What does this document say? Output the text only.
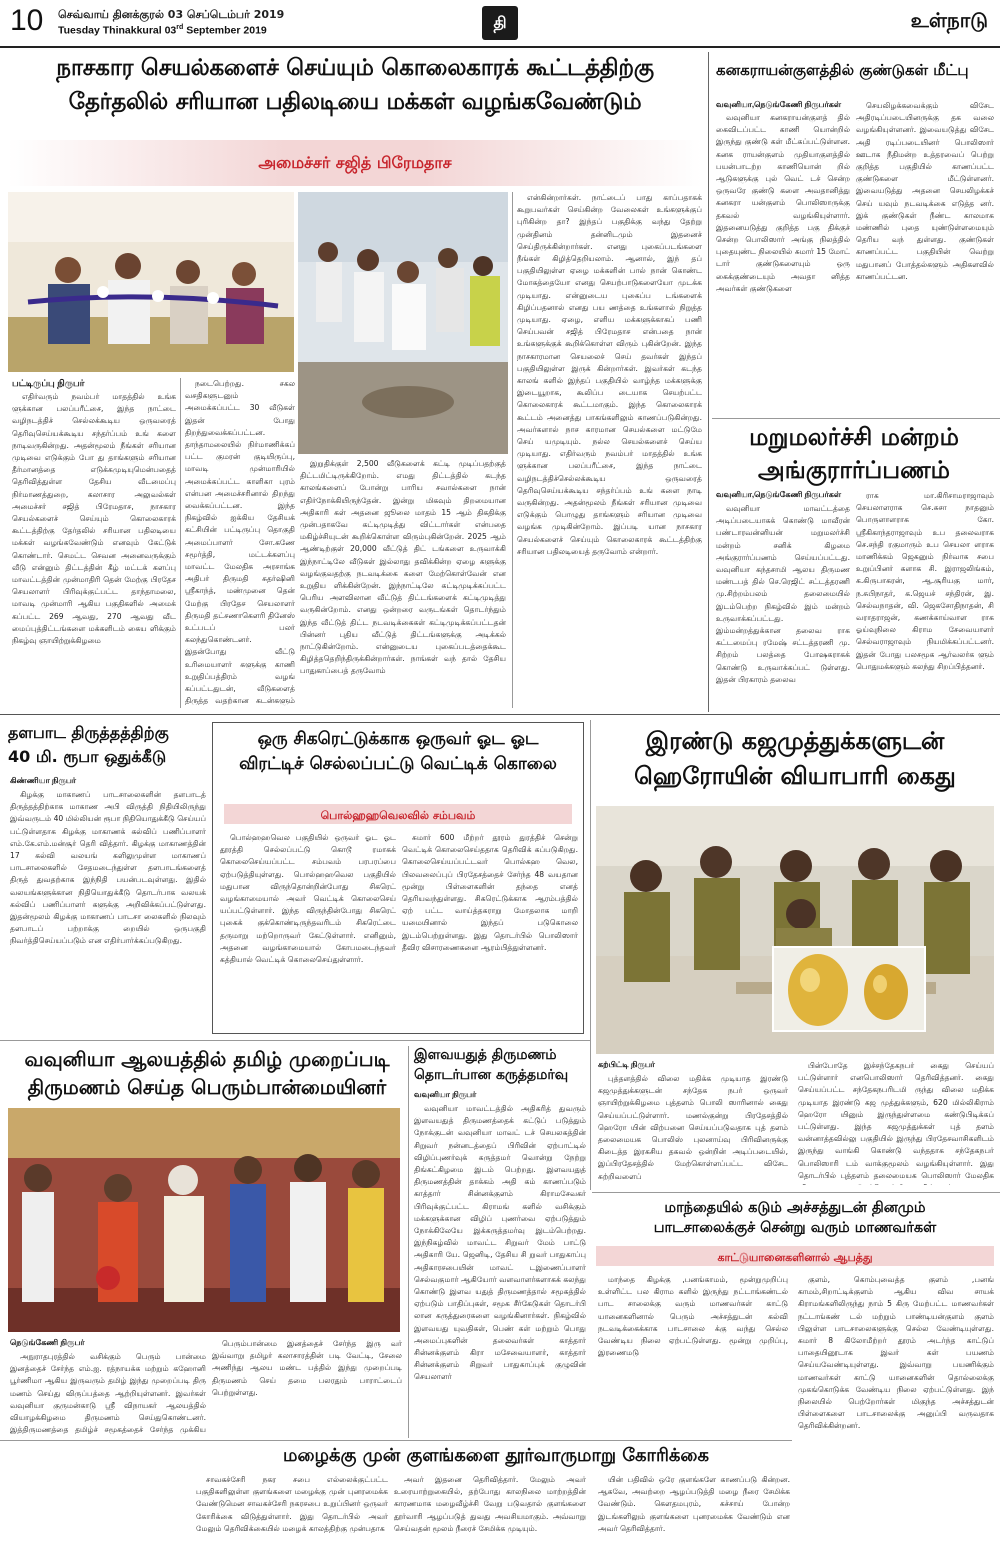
10 செவ்வாய் தினக்குரல் 03 செப்டெம்பர் 2019
Tuesday Thinakkural 03rd September 2019	தி	உள்நாடு
நாசகார செயல்களைச் செய்யும் கொலைகாரக் கூட்டத்திற்கு
தேர்தலில் சரியான பதிலடியை மக்கள் வழங்கவேண்டும்
அமைச்சர் சஜித் பிரேமதாச
பட்டிருப்பு நிருபர்

எதிர்வரும் நவம்பர் மாதத்தில் உங்க ளுக்கான பலப்பரீட்சை, இந்த நாட்டை வழிநடத்திச் செல்லக்கூடிய ஒருவரைத் தெரிவுசெய்யக்கூடிய சந்தர்ப்பம் உங் களை நாடிவருகின்றது. அதன்மூலம் நீங்கள் சரியான முடிவை எடுக்கும் போ து தாங்களும் சரியான தீர்மானத்தை எடுக்கமுடியுமென்பதைத் தெரிவித்துள்ள தேசிய வீடமைப்பு நிர்மாணத்துறை, கலாசார அலுவல்கள் அமைச்சர் சஜித் பிரேமதாச, நாசகார செயல்களைச் செய்யும் கொலைகாரக் கூட்டத்திற்கு தேர்தலில் சரியான பதிலடியை மக்கள் வழங்கவேண்டும் எனவும் கேட்டுக் கொண்டார். செமட்ட செவன அனைவருக்கும் வீடு என்னும் திட்டத்தின் கீழ் மட்டக் களப்பு மாவட்டத்தின் முன்மாதிரி தென் மேற்கு பிரதேச செயலாளர் பிரிவுக்குட்பட்ட தாந்தாமலை, மாவடி முன்மாரி ஆகிய பகுதிகளில் அமைக் கப்பட்ட 269 ஆவது, 270 ஆவது வீட மைப்புத்திட்டங்களை மக்களிடம் கைய ளிக்கும் நிகழ்வு ஞாயிற்றுக்கிழமை

நடைபெற்றது. சகல வசதிகளுடனும் அமைக்கப்பட்ட 30 வீடுகள் இதன் போது திறந்துவைக்கப்பட்டன. தாந்தாமலையில் நிர்மாணிக்கப் பட்ட குமரன் குடியிருப்பு, மாவடி முன்மாரியில் அமைக்கப்பட்ட காளிகா புரம் என்பன அமைச்சரினால் திறந்து வைக்கப்பட்டன. இந்த நிகழ்வில் ஐக்கிய தேசியக் கட்சியின் பட்டிருப்பு தொகுதி அமைப்பாளர் சோ.கணே சமூர்த்தி, மட்டக்களப்பு மாவட்ட மேலதிக அரசாங்க அதிபர் திருமதி சுதர்ஷினி ஸ்ரீகாந்த், மண்முனை தென் மேற்கு பிரதேச செயலாளர் திருமதி தட்சணாகௌரி தினேஸ் உட்படப் பலர் கலந்துகொண்டனர். இதன்போது வீட்டு உரிமையாளர் களுக்கு காணி உறுதிப்பத்திரம் வழங் கப்பட்டதுடன், வீடுகளைத் திருத்த வதற்கான கடன்களும்

இறுதிக்குள் 2,500 வீடுகளைக் கட்டி முடிப்பதற்குத் திட்டமிட்டிருக்கிறோம். எமது திட்டத்தில் கடந்த காலங்களைப் போன்று பாரிய சவால்களை நான் எதிர்நோக்கியிருந்தேன். இன்று மிகவும் திறமையான அதிகாரி கள் அதனை ஜூலை மாதம் 15 ஆம் திகதிக்கு முன்பதாகவே கட்டிமுடித்து விட்டார்கள் என்பதை மகிழ்ச்சியுடன் கூறிக்கொள்ள விரும்புகின்றேன். 2025 ஆம் ஆண்டிற்குள் 20,000 வீட்டுத் திட் டங்களை உருவாக்கி இந்நாட்டிலே வீடுகள் இல்லாது தவிக்கின்ற ஏழை களுக்கு வழங்குவதற்கு நடவடிக்கை களை மேற்கொள்வேன் என உறுதிய ளிக்கின்றேன். இந்நாட்டிலே கட்டிமுடிக்கப்பட்ட பெரிய அளவிலான வீட்டுத் திட்டங்களைக் கட்டிமுடித்து வருகின்றோம். எனது ஒன்றரை வருடங்கள் தொடர்ந்தும் இந்த வீட்டுத் திட்ட நடவடிக்கைகள் கட்டிமுடிக்கப்பட்டதன் பின்னர் புதிய வீட்டுத் திட்டங்களுக்கு அடிக்கல் நாட்டுகின்றோம். என்னுடைய புகைப்படத்தைக்கூட கிழித்ததெறிந்திருக்கின்றார்கள். நாங்கள் வந் தால் தேசிய பாதுகாப்பைத் தருவோம்

என்கின்றார்கள். நாட்டைப் பாது காப்பதாகக் கூறுபவர்கள் செய்கின்ற வேலைகள் உங்களுக்குப் புரிகின்ற தா? இந்தப் பகுதிக்கு வந்து தேற்று முன்தினம் தன்னிடமும் இதனைச் செய்திருக்கின்றார்கள். எனது புகைப்படங்களை நீங்கள் கிழித்தெறியலாம். ஆனால், இந் தப் பகுதியிலுள்ள ஏழை மக்களின் பால் நான் கொண்ட மோகத்தையோ எனது செயற்பாடுகளையோ முடக்க முடியாது. என்னுடைய புகைப்ப டங்களைக் கிழிப்பதனால் எனது பய ணத்தை உங்களால் நிறுத்த முடியாது. ஏழை, எளிய மக்களுக்காகப் பணி செய்பவன் சஜித் பிரேமதாச என்பதை நான் உங்களுக்குக் கூறிக்கொள்ள விரும் புகின்றேன். இந்த நாசகாரமான செயலைச் செய் தவர்கள் இந்தப் பகுதியிலுள்ள இருக் கின்றார்கள். இவர்கள் கடந்த காலங் களில் இந்தப் பகுதியில் வாழ்ந்த மக்களுக்கு இடையூறாக, கூலிப்ப டையாக செயற்பட்ட கொலைகாரக் கூட்டமாகும். இந்த கொலைகாரக் கூட்டம் அனைத்து பாகங்களிலும் காணப்படுகின்றது. அவர்களால் நாச காரமான செயல்களை மட்டுமே செய் யமுடியும். நல்ல செயல்களைச் செய்ய முடியாது. எதிர்வரும் நவம்பர் மாதத்தில் உங்க ளுக்கான பலப்பரீட்சை, இந்த நாட்டை வழிநடத்திச்செல்லக்கூடிய ஒருவரைத் தெரிவுசெய்யக்கூடிய சந்தர்ப்பம் உங் களை நாடி வருகின்றது. அதன்மூலம் நீங்கள் சரியான முடிவை எடுக்கும் பொழுது தாங்களும் சரியான முடிவை வழங்க முடிகின்றோம். இப்படி யான நாசகார செயல்களைச் செய்யும் கொலைகாரக் கூட்டத்திற்கு சரியான பதிலடியைத் தருவோம் என்றார்.

கனகராயன்குளத்தில் குண்டுகள் மீட்பு
வவுனியா,நெடுங்கேணி நிருபர்கள்

வவுனியா கனகராயன்குளத் தில் கைவிடப்பட்ட காணி யொன்றில் இருந்து குண்டு கள் மீட்கப்பட்டுள்ளன. கனக ராயன்குளம் முதியாகுளத்தில் பயன்பாடற்ற காணியொன் றில் ஆடுகளுக்கு புல் வெட் டச் சென்ற ஒருவரே குண்டு களை அவதானித்து கனகரா யன்குளம் பொலிஸாருக்கு தகவல் வழங்கியுள்ளார். இதனையடுத்து குறித்த பகு திக்குச் சென்ற பொலிஸார் அங்கு நிலத்தில் புதையுண்ட நிலையில் சுமார் 15 மோட் டார் குண்டுகளையும் ஒரு கைக்குண்டையும் அவதா னித்த அவர்கள் குண்டுகளை

செயலிழக்கவைக்கும் விசேட அதிரடிப்படையினருக்கு தக வலை வழங்கியுள்ளனர். இவையடுத்து விசேட அதி ரடிப்படையினர் பொலிஸார் ஊடாக நீதிமன்ற உத்தரவைப் பெற்று குறித்த பகுதியில் காணப்பட்ட குண்டுகளை மீட்டுள்ளனர். இவையடுத்து அதனை செயலிழக்கச் செய் யவும் நடவடிக்கை எடுத்த னர். இக் குண்டுகள் நீண்ட காலமாக மண்ணில் புதை யுண்டுள்ளமையும் தெரிய வந் துள்ளது. குண்டுகள் காணப்பட்ட பகுதியின் வெற்று மதுபானப் போத்தல்களும் அதிகளவில் காணப்பட்டன.

மறுமலர்ச்சி மன்றம்
அங்குரார்ப்பணம்
வவுனியா,நெடுங்கேணி நிருபர்கள்

வவுனியா மாவட்டத்தை அடிப்படையாகக் கொண்டு மாவீரன் பண்டாரவன்னியன் மறுமலர்ச்சி மன்றம் சனிக் கிழமை அங்குரார்ப்பணம் செய்யப்பட்டது. வவுனியா கந்தசாமி ஆலய திருமண மண்டபத் தில் செ.ரெஜிட் சட்டத்தரணி மு.சிற்றம்பலம் தலைமையில் இடம்பெற்ற நிகழ்வில் இம் மன்றம் உருவாக்கப்பட்டது. இம்மன்றத்துக்கான தலைவ ராக கட்டமைப்பு ரமேஷ் சட்டத்தரணி மு. சிற்றம் பலத்தை போஷகராகக் கொண்டு உருவாக்கப்பட் டுள்ளது. இதன் பிரகாரம் தலைவ

ராக மா.கிரிசாமராஜாவும் செயலாளராக செ.சுசா நாதனும் பொருளாளராக கோ. ஸ்ரீகிகாந்தராஜாவும் உப தலைவராக செ.சந்தி ரகுமாரும் உப செயலா ளராக மாணிக்கம் ஜெகனும் நிர்வாக சபை உறுப்பினர் களாக சி. இராஜலிங்கம், க.கிருபாகரன், ஆ.சூரியகு மார், ந.சுபிநாதர், க.ஜெயச் சந்திரன், இ. செல்வநாதன், வி. ஜெகசோதிநாதன், சி வராதராஜன், கணக்காய்வாள ராக ஓய்வுநிலை கிராம சேவையாளர் செல்வராஜாவும் நியமிக்கப்பட்டனர். இதன் போது பலசமூக ஆர்வலர்க ளும் பொதுமக்களும் கலந்து சிறப்பித்தனர்.

தளபாட திருத்தத்திற்கு
40 மி. ரூபா ஒதுக்கீடு
கிண்ணியா நிருபர்

கிழக்கு மாகாணப் பாடசாலைகளின் தளபாடத் திருத்தத்திற்காக மாகாண அபி விருத்தி நிதியிலிருந்து இவ்வருடம் 40 மில்லியன் ரூபா நிதியொதுக்கீடு செய்யப் பட்டுள்ளதாக கிழக்கு மாகாணக் கல்விப் பணிப்பாளர் எம்.கே.எம்.மன்சூர் தெரி வித்தார். கிழக்கு மாகாணத்தின் 17 கல்வி வலயங் களிலுமுள்ள மாகாணப் பாடசாலைகளில் சேதமடைந்துள்ள தளபாடங்களைத் திருத் துவதற்காக இந்நிதி பயன்படவுள்ளது. இதில் வலயங்களுக்கான நிதியொதுக்கீடு தொடர்பாக வலயக் கல்விப் பணிப்பாளர் களுக்கு அறிவிக்கப்பட்டுள்ளது. இதன்மூலம் கிழக்கு மாகாணப் பாடசா லைகளில் நிலவும் தளபாடப் பற்றாக்கு றையில் ஒருபகுதி நிவர்த்திசெய்யப்படும் என எதிர்பார்க்கப்படுகிறது.

ஒரு சிகரெட்டுக்காக ஒருவர் ஓட ஓட
விரட்டிச் செல்லப்பட்டு வெட்டிக் கொலை
பொல்ஹஹவெலவில் சம்பவம்

பொல்ஹஹவெல பகுதியில் ஒருவர் ஓட ஓட தூரத்தி செல்லப்பட்டு கொடூ ரமாகக் கொலைசெய்யப்பட்ட சம்பவம் பரபரப்பை ஏற்படுத்தியுள்ளது. பொல்ஹஹவெல பகுதியில் மதுபான விருந்தொன்றின்போது சிகரெட் வழங்காமையால் அவர் வெட்டிக் கொலைசெய் யப்பட்டுள்ளார். இந்த விருந்தின்போது சிகரெட் புகைக் குக்கொண்டிருந்தவரிடம் சிகரெட்டை தருமாறு மற்றொருவர் கேட்டுள்ளார். எனினும், அதனை வழங்காமையால் கோபமடைந்தவர் கத்தியால் வெட்டிக் கொலைசெய்துள்ளார்.

சுமார் 600 மீற்றர் தூரம் துரத்திச் சென்று வெட்டிக் கொலைசெய்ததாக தெரிவிக் கப்படுகிறது. கொலைசெய்யப்பட்டவர் பொல்கஹ வெல, பிலவலைப்புப் பிரதேசத்தைச் சேர்ந்த 48 வயதான மூன்று பிள்ளைகளின் தந்தை எனத் தெரியவந்துள்ளது. சிகரெட்டுக்காக ஆரம்பத்தில் ஏற் பட்ட வாய்த்தகராறு மோதலாக மாறி யமையினால் இந்தப் படுகொலை இடம்பெற்றுள்ளது. இது தொடர்பில் பொலிஸார் தீவிர விசாரணைகளை ஆரம்பித்துள்ளனர்.

இரண்டு கஜமுத்துக்களுடன்
ஹெரோயின் வியாபாரி கைது
கற்பிட்டி நிருபர்

புத்தளத்தில் விலை மதிக்க முடியாத இரண்டு கஜமுத்துக்களுடன் சந்தேக நபர் ஒருவர் ஞாயிற்றுக்கிழமை புத்தளம் பொலி ஸாரினால் கைது செய்யப்பட்டுள்ளார். மணல்குன்று பிரதேசத்தில் ஹெரோ யின் விற்பனை செய்யப்படுவதாக புத் தளம் தலைமையக பொலிஸ் புலனாய்வு பிரிவினருக்கு கிடைத்த இரகசிய தகவல் ஒன்றின் அடிப்படையில், இப்பிரதேசத்தில் மேற்கொள்ளப்பட்ட விசேட சுற்றிவளைப்

பின்போதே இச்சந்தேகநபர் கைது செய்யப் பட்டுள்ளார் எனபொலிஸார் தெரிவித்தனர். கைது செய்யப்பட்ட சந்தேகநபரிடமி ருந்து விலை மதிக்க முடியாத இரண்டு கஜ முத்துக்களும், 620 மில்லிகிராம் ஹெரோ யினும் இருந்துள்ளமை கண்டுபிடிக்கப் பட்டுள்ளது. இந்த கஜமுத்துக்கள் புத் தளம் வன்னாத்தவில்லு பகுதியில் இருந்து பிரதேசவாசிகளிடம் இருந்து வாங்கி கொண்டு வந்ததாக சந்தேகநபர் பொலிஸாரி டம் வாக்குமூலம் வழங்கியுள்ளார். இது தொடர்பில் புத்தளம் தலைமையக பொலிஸார் மேலதிக

வவுனியா ஆலயத்தில் தமிழ் முறைப்படி
திருமணம் செய்த பெரும்பான்மையினர்
நெடுங்கேணி நிருபர்

அநுராதபுரத்தில் வசிக்கும் பெரும் பான்மை இனத்தைச் சேர்ந்த எம்.ஐ. ரத்நாயக்க மற்றும் கஹோனி பூர்ணிமா ஆகிய இருவரும் தமிழ் இந்து முறைப்படி திரு மணம் செய்து விருப்பத்தை ஆற்றியுள்ளனர். இவர்கள் வவுனியா குருமன்காடு ஸ்ரீ விநாயகர் ஆலயத்தில் வியாழக்கிழமை திருமணம் செய்துகொண்டனர். இத்திருமணத்தை தமிழ்ச் சமூகத்தைச் சேர்ந்த முக்கிய

பெரும்பான்மை இனத்தைச் சேர்ந்த இரு வர் இவ்வாறு தமிழர் கலாசாரத்தின் படி வேட்டி, சேலை அணிந்து ஆலய மண்ட பத்தில் இந்து முறைப்படி திருமணம் செய் தமை பலரதும் பாராட்டைப் பெற்றுள்ளது.

இளவயதுத் திருமணம்
தொடர்பான கருத்தமர்வு
வவுனியா நிருபர்

வவுனியா மாவட்டத்தில் அதிகரித் துவரும் இளவயதுத் திருமணத்தைக் கட்டுப் படுத்தும் நோக்குடன் வவுனியா மாவட் டச் செயலகத்தின் சிறுவர் நன்னடத்தைப் பிரிவின் ஏற்பாட்டில் விழிப்புணர்வுக் கருத்தமர் வொன்று நேற்று திங்கட்கிழமை இடம் பெற்றது. இளவயதுத் திருமணத்தின் தாக்கம் அதி கம் காணப்படும் காத்தார் சின்னக்குளம் கிராமசேவகர் பிரிவுக்குட்பட்ட கிராமங் களில் வசிக்கும் மக்களுக்கான விழிப் புணர்வை ஏற்படுத்தும் நோக்கிலேயே இக்கருத்தமர்வு இடம்பெற்றது. இந்நிகழ்வில் மாவட்ட சிறுவர் மேம் பாட்டு அதிகாரி யே. ஜெனிடி, தேசிய சி றுவர் பாதுகாப்பு அதிகாரசபையின் மாவட் டஇணைப்பாளர் செல்வகுமார் ஆகியோர் வளவாளர்களாகக் கலந்து கொண்டு இளவ யதுத் திருமணத்தால் சமூகத்தில் ஏற்படும் பாதிப்புகள், சமூக சீர்கேடுகள் தொடர்பி லான கருத்துரைகளை வழங்கினார்கள். நிகழ்வில் இளவயது யுவதிகள், பெண் கள் மற்றும் பொது அமைப்புகளின் தலைவர்கள் காத்தார் சின்னக்குளம் கிரா மசேவையாளர், காத்தார் சின்னக்குளம் சிறுவர் பாதுகாப்புக் குழுவின் செயலாளர்

மாந்தையில் கடும் அச்சத்துடன் தினமும்
பாடசாலைக்குச் சென்று வரும் மாணவர்கள்
காட்டுயானைகளினால் ஆபத்து

மாந்தை கிழக்கு ,பனங்காமம், மூன்றுமுறிப்பு உள்ளிட்ட பல கிராம களில் இருந்து நட்டாங்கண்டல் பாட சாலைக்கு வரும் மாணவர்கள் காட்டு யானைகளினால் பெரும் அச்சத்துடன் கல்வி நடவடிக்கைக்காக பாடசாலை க்கு வந்து செல்ல வேண்டிய நிலை ஏற்பட்டுள்ளது. மூன்று முறிப்பு, இரணைமடு

குளம், கொம்புவைத்த குளம் ,பனங் காமம்,சிறாட்டிக்குளம் ஆகிய விவ சாயக் கிராமங்களிலிருந்து நாம் 5 கிரு மேற்பட்ட மாணவர்கள் நட்டாங்கண் டல் மற்றும் பாண்டியன்குளம் குளம் பிலுள்ள பாடசாலைகளுக்கு செல்ல வேண்டியுள்ளது. சுமார் 8 கிலோமீற்றர் தூரம் அடர்ந்த காட்டுப் பாதையினூடாக இவர் கள் பயணம் செய்யவேண்டியுள்ளது. இவ்வாறு பயணிக்கும் மாணவர்கள் காட்டு யானைகளின் தொல்லைக்கு முகங்கொடுக்க வேண்டிய நிலை ஏற்பட்டுள்ளது. இந் நிலையில் பெற்றோர்கள் மிகுந்த அச்சத்துடன் பிள்ளைகளை பாடசாலைக்கு அனுப்பி வருவதாக தெரிவிக்கின்றனர்.

மழைக்கு முன் குளங்களை தூர்வாருமாறு கோரிக்கை

சாவகச்சேரி நகர சபை எல்லைக்குட்பட்ட பகுதிகளிலுள்ள குளங்களை மழைக்கு முன் புனரமைக்க வேண்டுமென சாவகச்சேரி நகரசபை உறுப்பினர் ஒருவர் கோரிக்கை விடுத்துள்ளார். இது தொடர்பில் அவர் மேலும் தெரிவிக்கையில் மழைக் காலத்திற்கு முன்பதாக

அவர் இதனை தெரிவித்தார். மேலும் அவர் உரையாற்றுகையில், தற்போது காலநிலை மாற்றத்தின் காரணமாக மழைவீழ்ச்சி வேறு படுவதால் குளங்களை தூர்வாரி ஆழப்படுத் துவது அவசியமாகும். அவ்வாறு செய்வதன் மூலம் நீரைச் சேமிக்க முடியும்.

யின் பதிவில் ஒரே குளங்களே காணப்படு கின்றன. ஆகவே, அவற்றை ஆழப்படுத்தி மழை நீரை சேமிக்க வேண்டும். கெளதமபுரம், கச்சாய் போன்ற இடங்களிலும் குளங்களை புனரமைக்க வேண்டும் என அவர் தெரிவித்தார்.
